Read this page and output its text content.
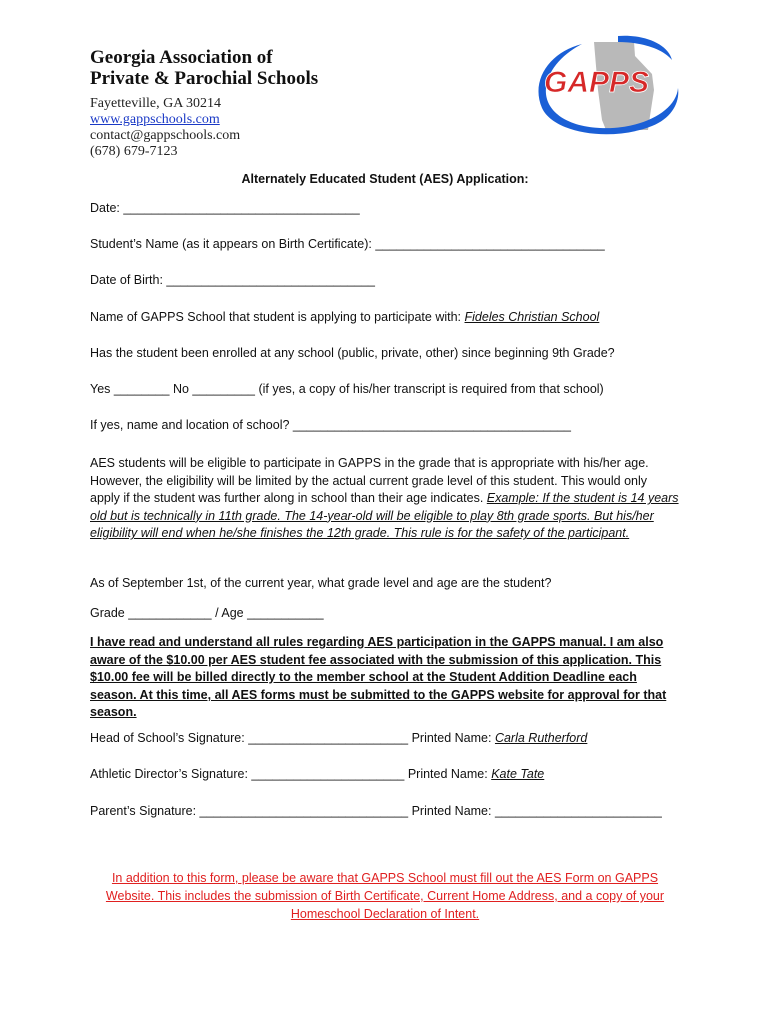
Georgia Association of
Private & Parochial Schools
Fayetteville, GA 30214
www.gappschools.com
contact@gappschools.com
(678) 679-7123
GAPPS
Alternately Educated Student (AES) Application:
Date: __________________________________
Student’s Name (as it appears on Birth Certificate): _________________________________
Date of Birth: ______________________________
Name of GAPPS School that student is applying to participate with: Fideles Christian School
Has the student been enrolled at any school (public, private, other) since beginning 9th Grade?
Yes ________ No _________ (if yes, a copy of his/her transcript is required from that school)
If yes, name and location of school? ________________________________________
AES students will be eligible to participate in GAPPS in the grade that is appropriate with his/her age. However, the eligibility will be limited by the actual current grade level of this student. This would only apply if the student was further along in school than their age indicates. Example: If the student is 14 years old but is technically in 11th grade. The 14-year-old will be eligible to play 8th grade sports. But his/her eligibility will end when he/she finishes the 12th grade. This rule is for the safety of the participant.
As of September 1st, of the current year, what grade level and age are the student?
Grade ____________ / Age ___________
I have read and understand all rules regarding AES participation in the GAPPS manual. I am also aware of the $10.00 per AES student fee associated with the submission of this application. This $10.00 fee will be billed directly to the member school at the Student Addition Deadline each season. At this time, all AES forms must be submitted to the GAPPS website for approval for that season.
Head of School’s Signature: _______________________ Printed Name: Carla Rutherford
Athletic Director’s Signature: ______________________ Printed Name: Kate Tate
Parent’s Signature: ______________________________ Printed Name: ________________________
In addition to this form, please be aware that GAPPS School must fill out the AES Form on GAPPS Website. This includes the submission of Birth Certificate, Current Home Address, and a copy of your Homeschool Declaration of Intent.
